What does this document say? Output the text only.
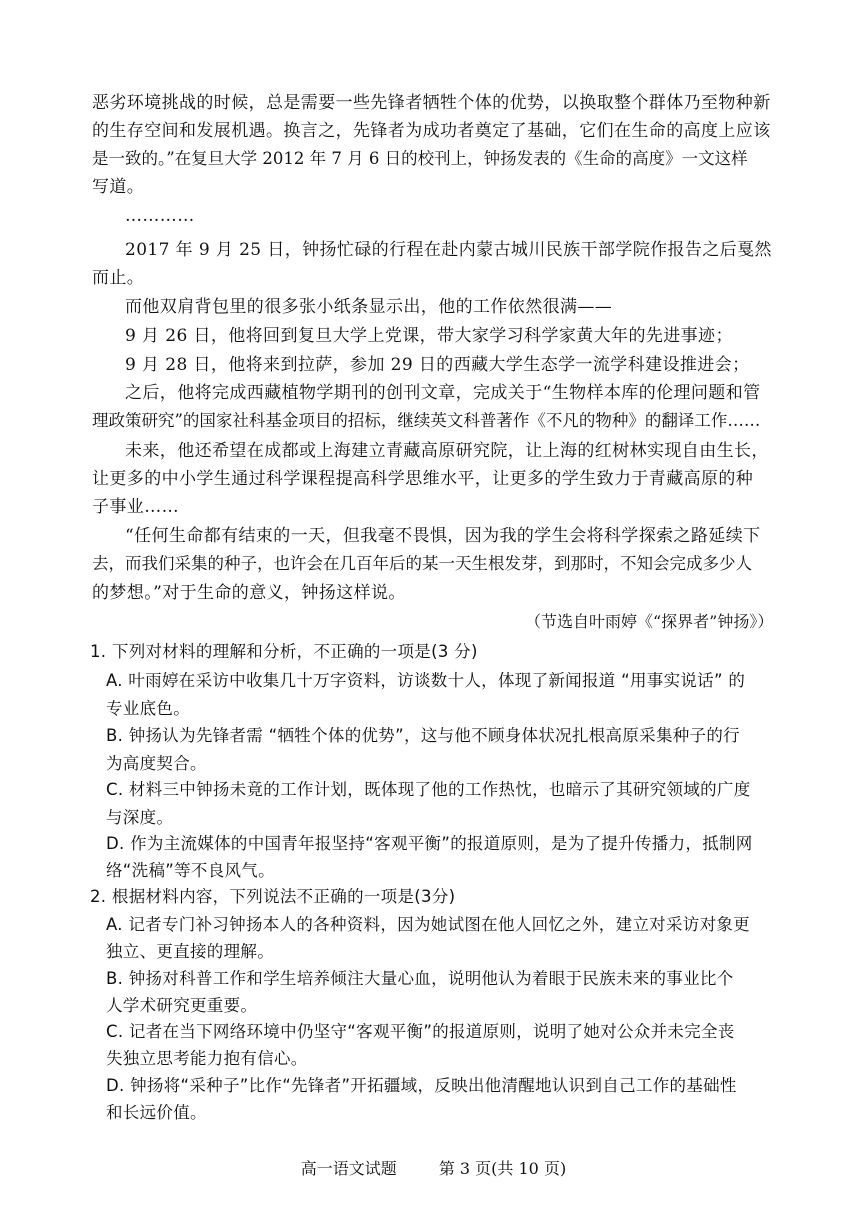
恶劣环境挑战的时候，总是需要一些先锋者牺牲个体的优势，以换取整个群体乃至物种新
的生存空间和发展机遇。换言之，先锋者为成功者奠定了基础，它们在生命的高度上应该
是一致的。”在复旦大学 2012 年 7 月 6 日的校刊上，钟扬发表的《生命的高度》一文这样
写道。
…………
2017 年 9 月 25 日，钟扬忙碌的行程在赴内蒙古城川民族干部学院作报告之后戛然
而止。
而他双肩背包里的很多张小纸条显示出，他的工作依然很满——
9 月 26 日，他将回到复旦大学上党课，带大家学习科学家黄大年的先进事迹；
9 月 28 日，他将来到拉萨，参加 29 日的西藏大学生态学一流学科建设推进会；
之后，他将完成西藏植物学期刊的创刊文章，完成关于“生物样本库的伦理问题和管
理政策研究”的国家社科基金项目的招标，继续英文科普著作《不凡的物种》的翻译工作……
未来，他还希望在成都或上海建立青藏高原研究院，让上海的红树林实现自由生长，
让更多的中小学生通过科学课程提高科学思维水平，让更多的学生致力于青藏高原的种
子事业……
“任何生命都有结束的一天，但我毫不畏惧，因为我的学生会将科学探索之路延续下
去，而我们采集的种子，也许会在几百年后的某一天生根发芽，到那时，不知会完成多少人
的梦想。”对于生命的意义，钟扬这样说。
（节选自叶雨婷《“探界者”钟扬》）
1. 下列对材料的理解和分析，不正确的一项是(3 分)
A. 叶雨婷在采访中收集几十万字资料，访谈数十人，体现了新闻报道 “用事实说话” 的
专业底色。
B. 钟扬认为先锋者需 “牺牲个体的优势”，这与他不顾身体状况扎根高原采集种子的行
为高度契合。
C. 材料三中钟扬未竟的工作计划，既体现了他的工作热忱，也暗示了其研究领域的广度
与深度。
D. 作为主流媒体的中国青年报坚持“客观平衡”的报道原则，是为了提升传播力，抵制网
络“洗稿”等不良风气。
2. 根据材料内容，下列说法不正确的一项是(3分)
A. 记者专门补习钟扬本人的各种资料，因为她试图在他人回忆之外，建立对采访对象更
独立、更直接的理解。
B. 钟扬对科普工作和学生培养倾注大量心血，说明他认为着眼于民族未来的事业比个
人学术研究更重要。
C. 记者在当下网络环境中仍坚守“客观平衡”的报道原则，说明了她对公众并未完全丧
失独立思考能力抱有信心。
D. 钟扬将“采种子”比作“先锋者”开拓疆域，反映出他清醒地认识到自己工作的基础性
和长远价值。
高一语文试题	第 3 页(共 10 页)
